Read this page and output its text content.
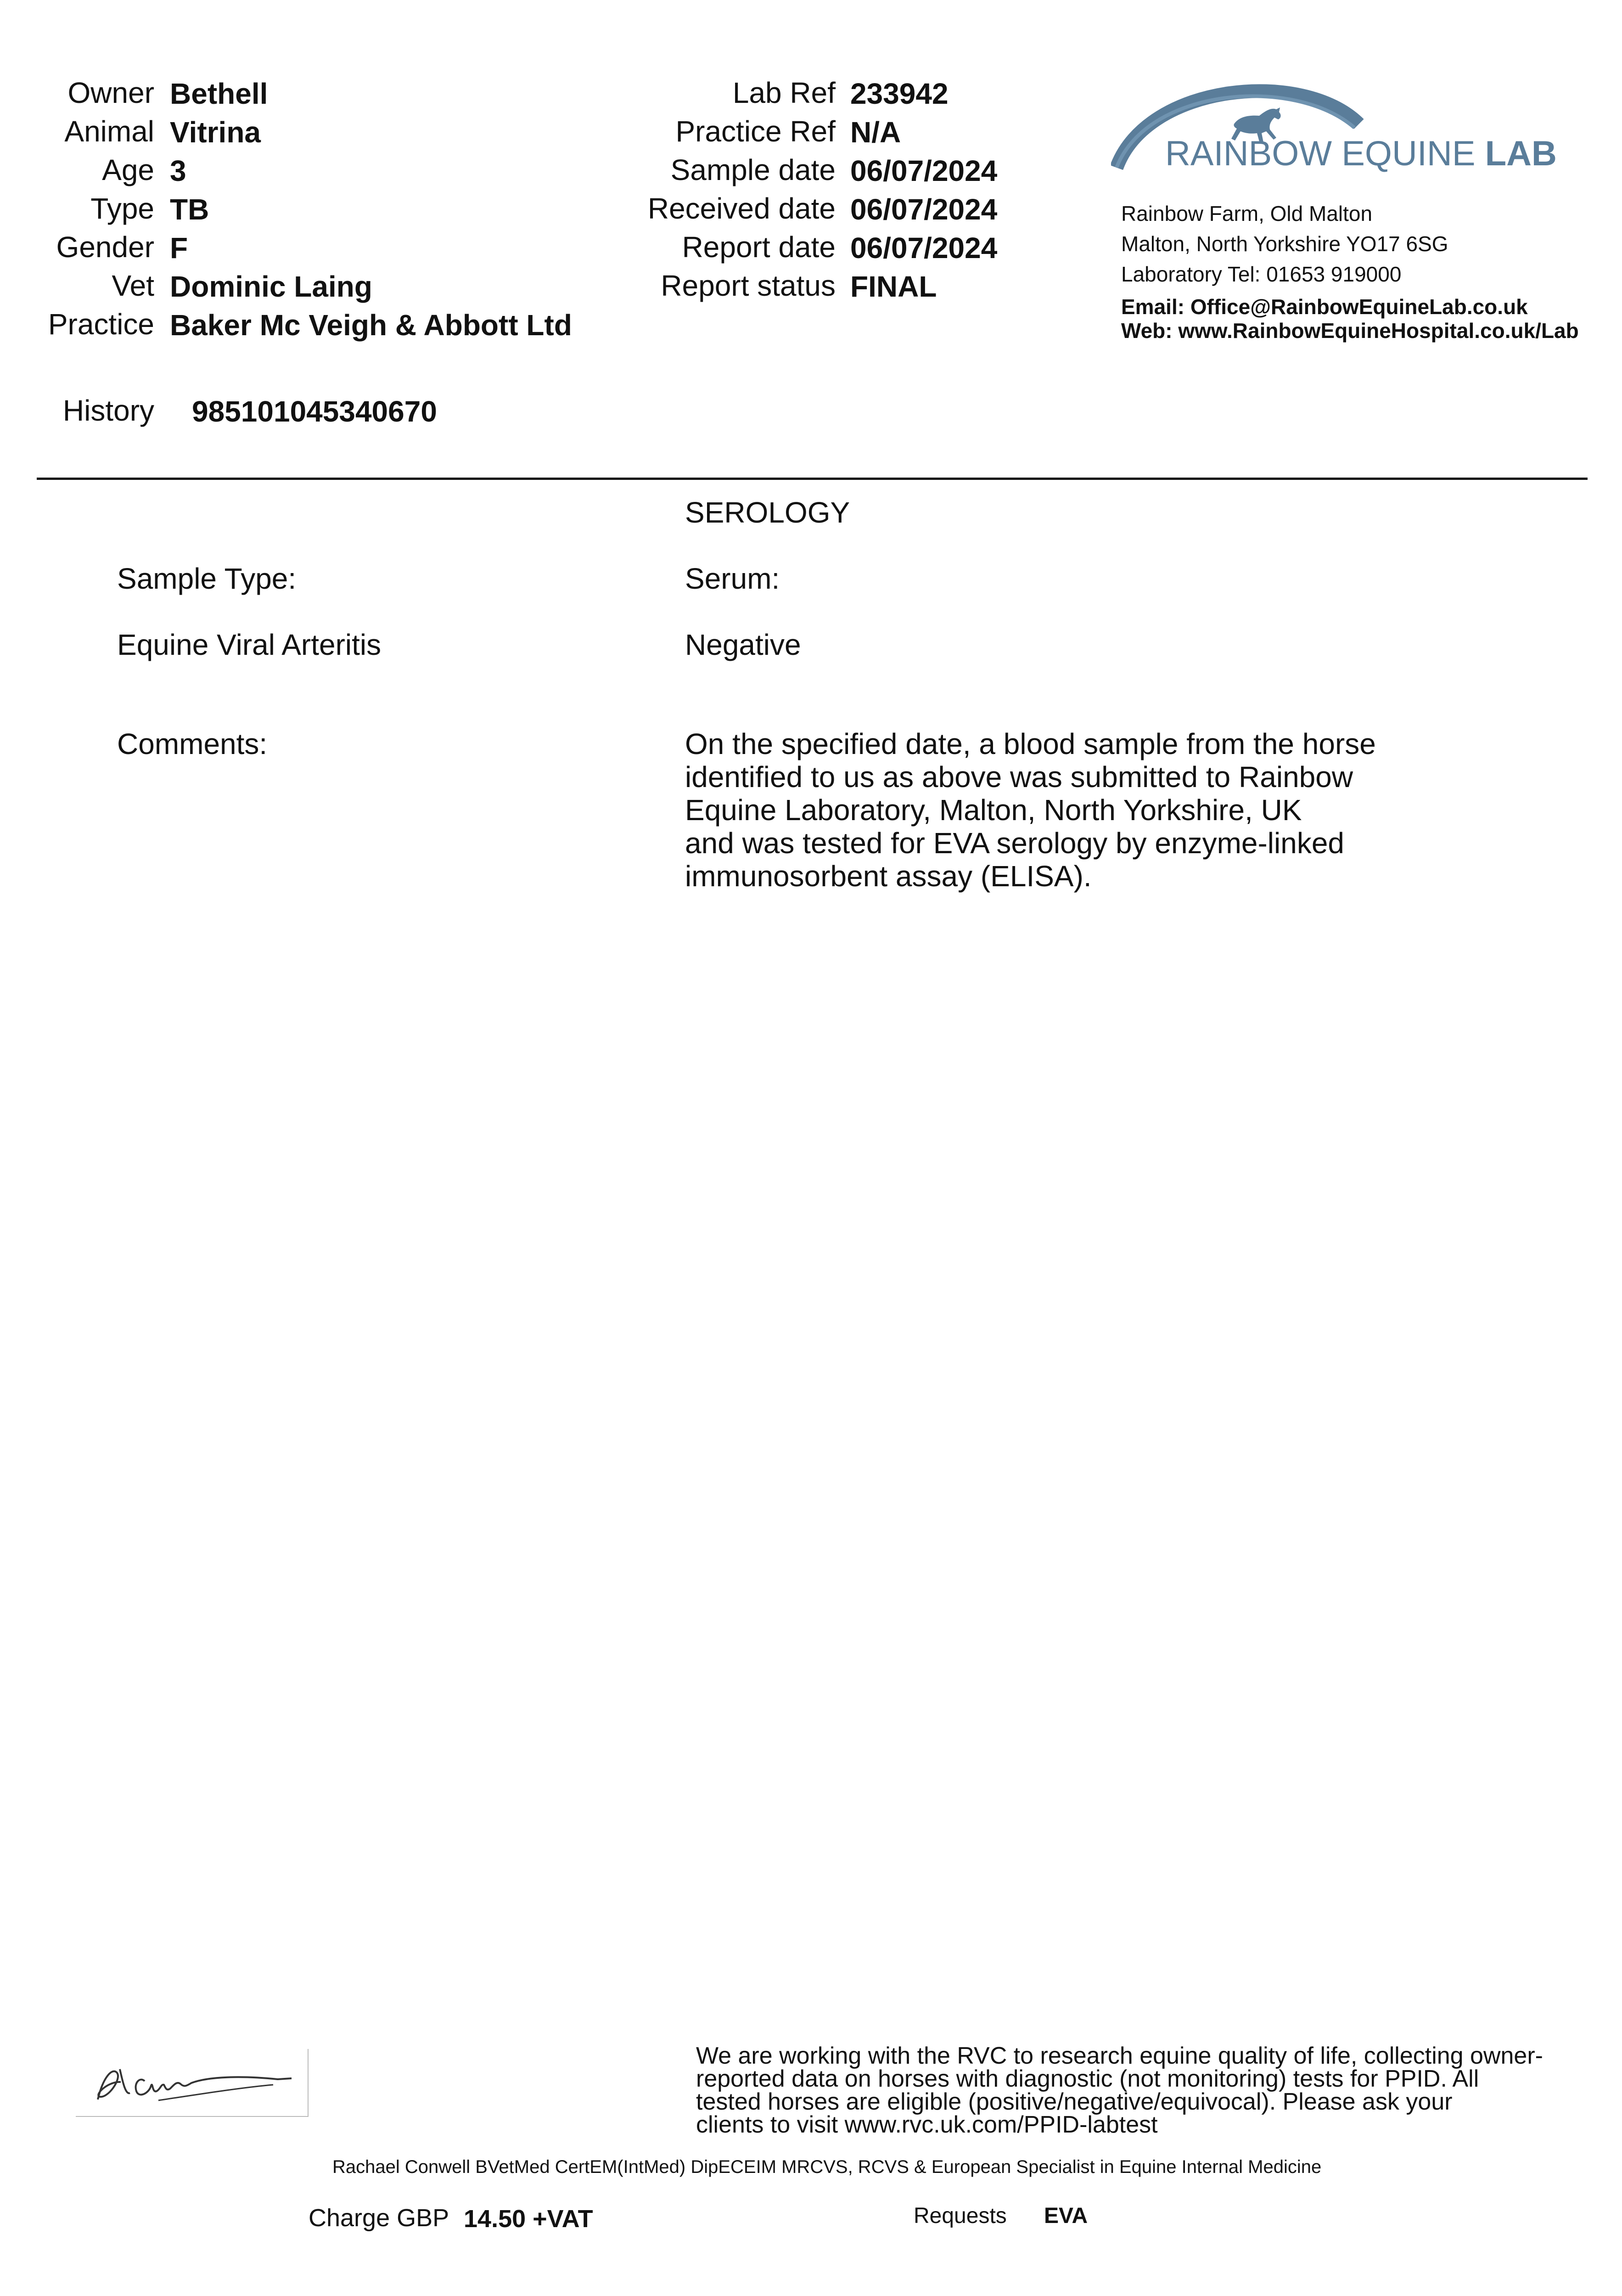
Owner Bethell
Animal Vitrina
Age 3
Type TB
Gender F
Vet Dominic Laing
Practice Baker Mc Veigh & Abbott Ltd
History 985101045340670
Lab Ref 233942
Practice Ref N/A
Sample date 06/07/2024
Received date 06/07/2024
Report date 06/07/2024
Report status FINAL
RAINBOW EQUINE LAB
Rainbow Farm, Old Malton
Malton, North Yorkshire YO17 6SG
Laboratory Tel: 01653 919000
Email: Office@RainbowEquineLab.co.uk
Web: www.RainbowEquineHospital.co.uk/Lab
SEROLOGY
Sample Type:	Serum:
Equine Viral Arteritis	Negative
Comments:	On the specified date, a blood sample from the horse
identified to us as above was submitted to Rainbow
Equine Laboratory, Malton, North Yorkshire, UK
and was tested for EVA serology by enzyme-linked
immunosorbent assay (ELISA).
We are working with the RVC to research equine quality of life, collecting owner-
reported data on horses with diagnostic (not monitoring) tests for PPID. All
tested horses are eligible (positive/negative/equivocal). Please ask your
clients to visit www.rvc.uk.com/PPID-labtest
Rachael Conwell BVetMed CertEM(IntMed) DipECEIM MRCVS, RCVS & European Specialist in Equine Internal Medicine
Charge GBP 14.50 +VAT	Requests EVA
